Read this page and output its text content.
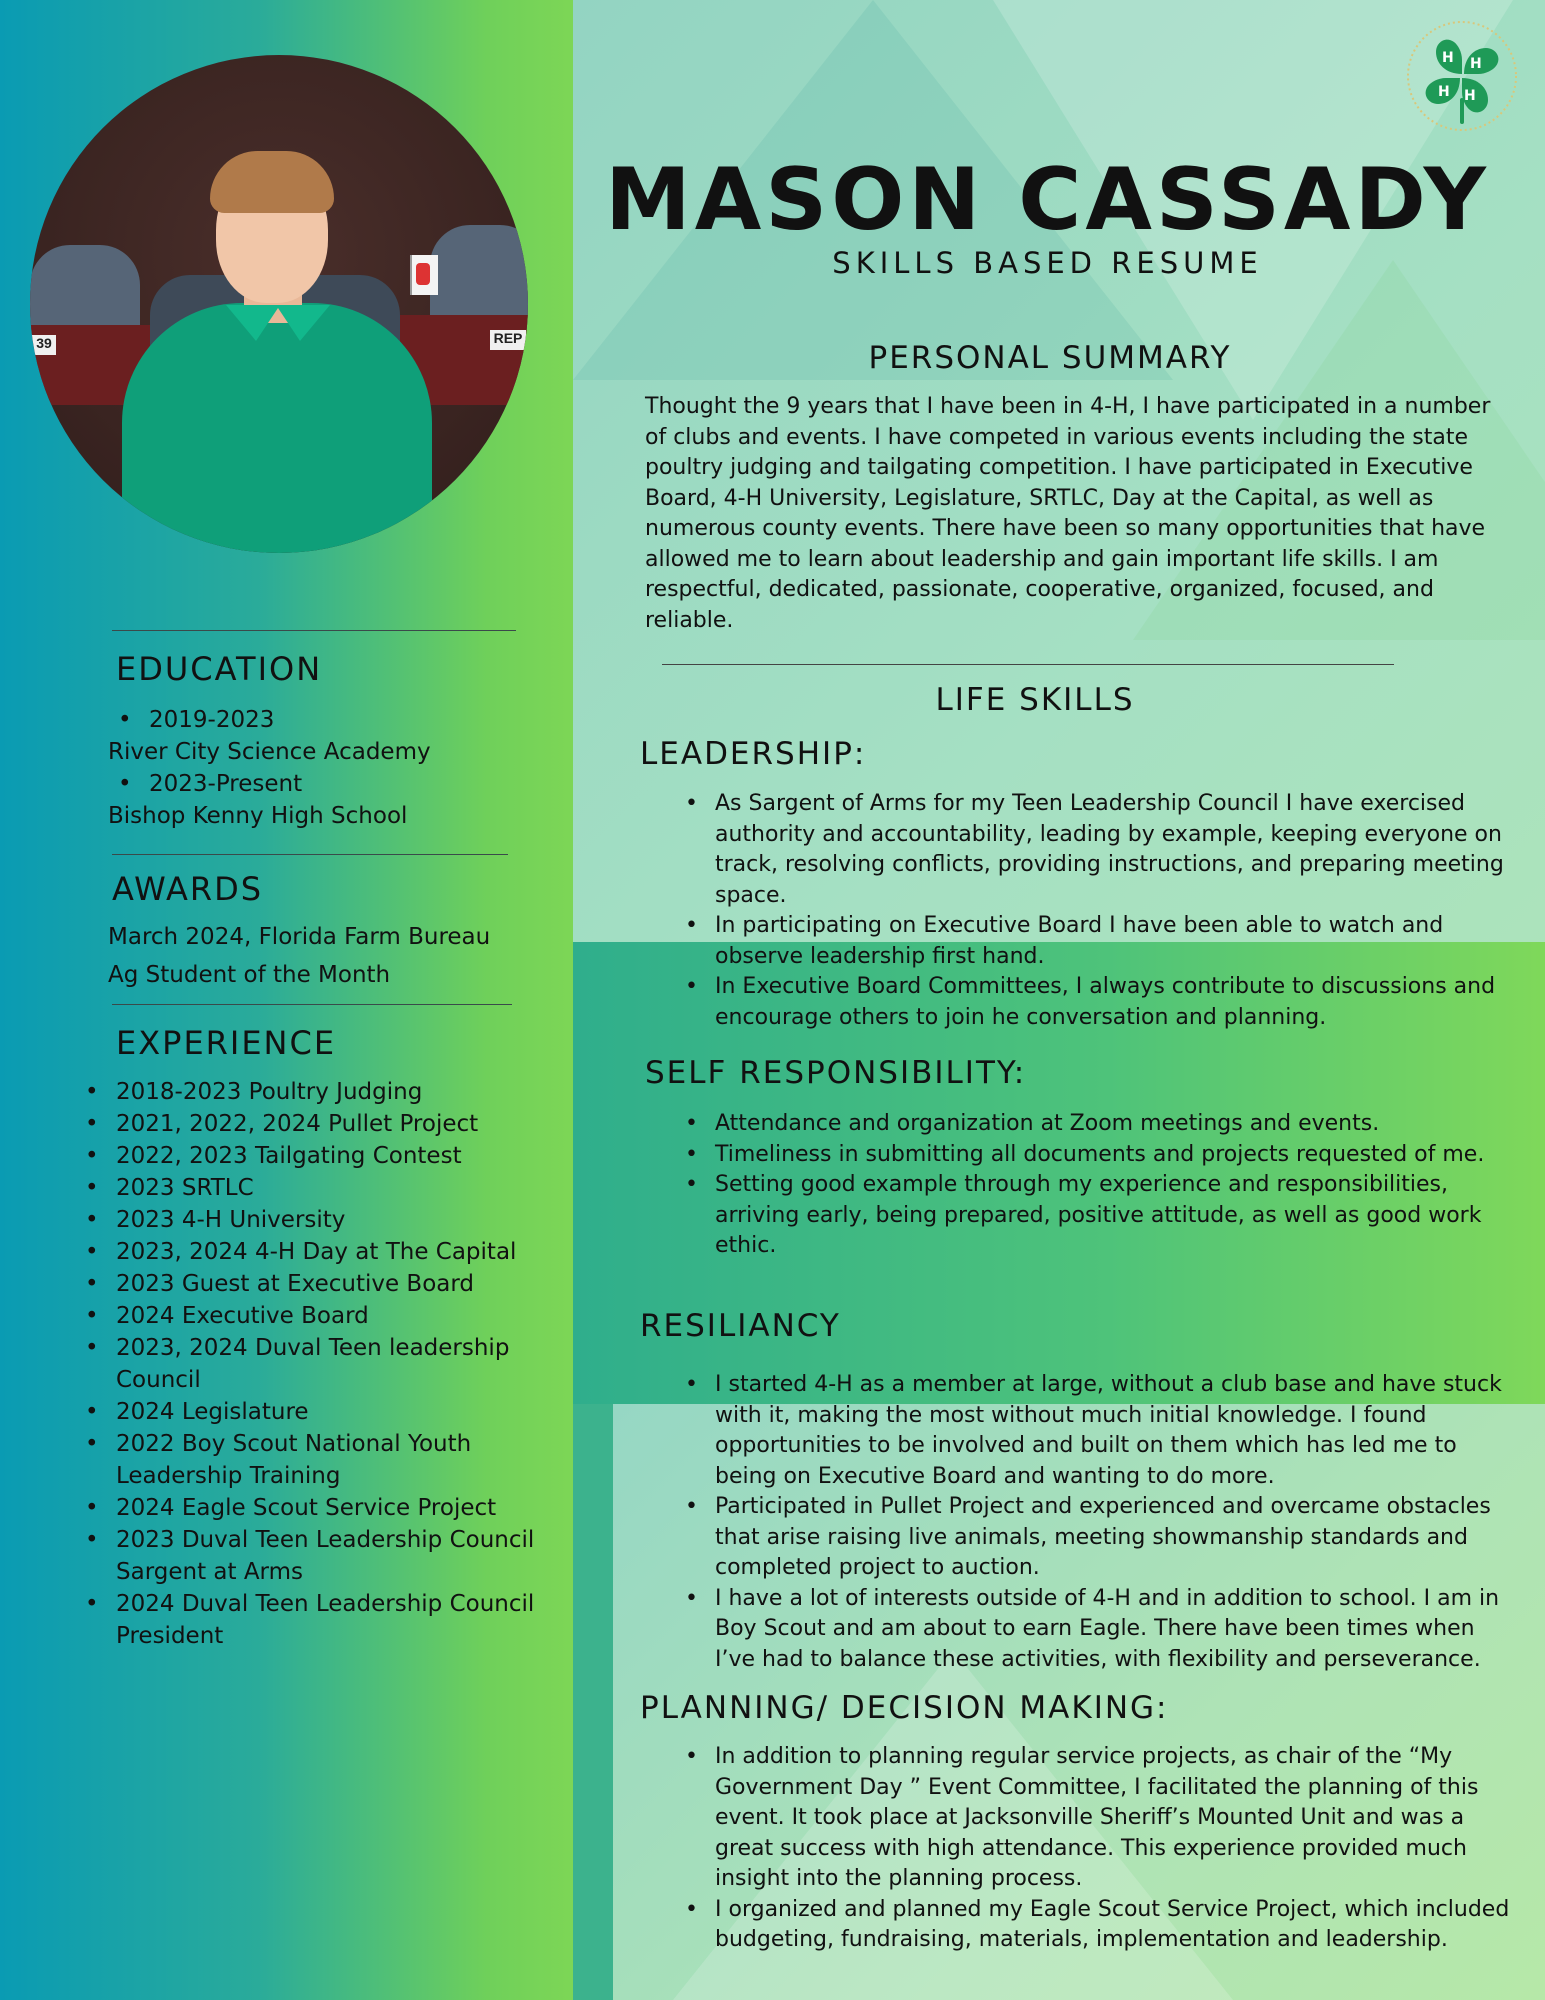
39	REP
EDUCATION
• 2019-2023
River City Science Academy
• 2023-Present
Bishop Kenny High School
AWARDS
March 2024, Florida Farm Bureau
Ag Student of the Month
EXPERIENCE
• 2018-2023 Poultry Judging
• 2021, 2022, 2024 Pullet Project
• 2022, 2023 Tailgating Contest
• 2023 SRTLC
• 2023 4-H University
• 2023, 2024 4-H Day at The Capital
• 2023 Guest at Executive Board
• 2024 Executive Board
• 2023, 2024 Duval Teen leadership Council
• 2024 Legislature
• 2022 Boy Scout National Youth Leadership Training
• 2024 Eagle Scout Service Project
• 2023 Duval Teen Leadership Council Sargent at Arms
• 2024 Duval Teen Leadership Council President
H H
H
H
MASON CASSADY
SKILLS BASED RESUME
PERSONAL SUMMARY
Thought the 9 years that I have been in 4-H, I have participated in a number of clubs and events. I have competed in various events including the state poultry judging and tailgating competition. I have participated in Executive Board, 4-H University, Legislature, SRTLC, Day at the Capital, as well as numerous county events. There have been so many opportunities that have allowed me to learn about leadership and gain important life skills. I am respectful, dedicated, passionate, cooperative, organized, focused, and reliable.
LIFE SKILLS
LEADERSHIP:
• As Sargent of Arms for my Teen Leadership Council I have exercised authority and accountability, leading by example, keeping everyone on track, resolving conflicts, providing instructions, and preparing meeting space.
• In participating on Executive Board I have been able to watch and observe leadership first hand.
• In Executive Board Committees, I always contribute to discussions and encourage others to join he conversation and planning.
SELF RESPONSIBILITY:
• Attendance and organization at Zoom meetings and events.
• Timeliness in submitting all documents and projects requested of me.
• Setting good example through my experience and responsibilities, arriving early, being prepared, positive attitude, as well as good work ethic.
RESILIANCY
• I started 4-H as a member at large, without a club base and have stuck with it, making the most without much initial knowledge. I found opportunities to be involved and built on them which has led me to being on Executive Board and wanting to do more.
• Participated in Pullet Project and experienced and overcame obstacles that arise raising live animals, meeting showmanship standards and completed project to auction.
• I have a lot of interests outside of 4-H and in addition to school. I am in Boy Scout and am about to earn Eagle. There have been times when I’ve had to balance these activities, with flexibility and perseverance.
PLANNING/ DECISION MAKING:
• In addition to planning regular service projects, as chair of the “My Government Day ” Event Committee, I facilitated the planning of this event. It took place at Jacksonville Sheriff’s Mounted Unit and was a great success with high attendance. This experience provided much insight into the planning process.
• I organized and planned my Eagle Scout Service Project, which included budgeting, fundraising, materials, implementation and leadership.
